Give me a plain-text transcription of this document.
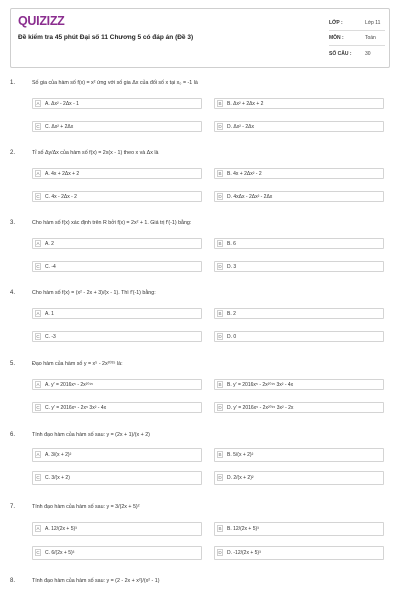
QUIZIZZ
Đề kiểm tra 45 phút Đại số 11 Chương 5 có đáp án (Đề 3)
LỚP :	Lớp 11
MÔN :	Toán
SỐ CÂU :	30
1.	Số gia của hàm số f(x) = x² ứng với số gia Δx của đối số x tại x₀ = -1 là
A	A. Δx² - 2Δx - 1	B	B. Δx² + 2Δx + 2
C C. Δx² + 2Δx	D D. Δx² - 2Δx
2.	Tỉ số Δy/Δx của hàm số f(x) = 2x(x - 1) theo x và Δx là
A	A. 4x + 2Δx + 2	B	B. 4x + 2Δx² - 2
C C. 4x - 2Δx - 2	D D. 4xΔx - 2Δx² - 2Δx
3.	Cho hàm số f(x) xác định trên R bởi f(x) = 2x² + 1. Giá trị f'(-1) bằng:
A	A. 2	B	B. 6
C C. -4	D D. 3
4.	Cho hàm số f(x) = (x² - 2x + 3)/(x - 1). Thì f'(-1) bằng:
A	A. 1	B	B. 2
C C. -3	D D. 0
5.	Đạo hàm của hàm số y = x⁵ - 2x²⁰¹⁵ là:
A	A. y' = 2016x⁵ - 2x²⁰¹⁵	B	B. y' = 2016x⁵ - 2x²⁰¹⁵ 3x² - 4x
C C. y' = 2016x⁵ - 2x⁵ 3x² - 4x	D D. y' = 2016x⁵ - 2x²⁰¹⁵ 3x² - 2x
6.	Tính đạo hàm của hàm số sau: y = (2x + 1)/(x + 2)
A	A. 3/(x + 2)²	B	B. 5/(x + 2)²
C C. 3/(x + 2)	D D. 2/(x + 2)²
7.	Tính đạo hàm của hàm số sau: y = 3/(2x + 5)²
A	A. 12/(2x + 5)³	B	B. 12/(2x + 5)³
C C. 6/(2x + 5)³	D D. -12/(2x + 5)³
8.	Tính đạo hàm của hàm số sau: y = (2 - 2x + x²)/(x² - 1)
